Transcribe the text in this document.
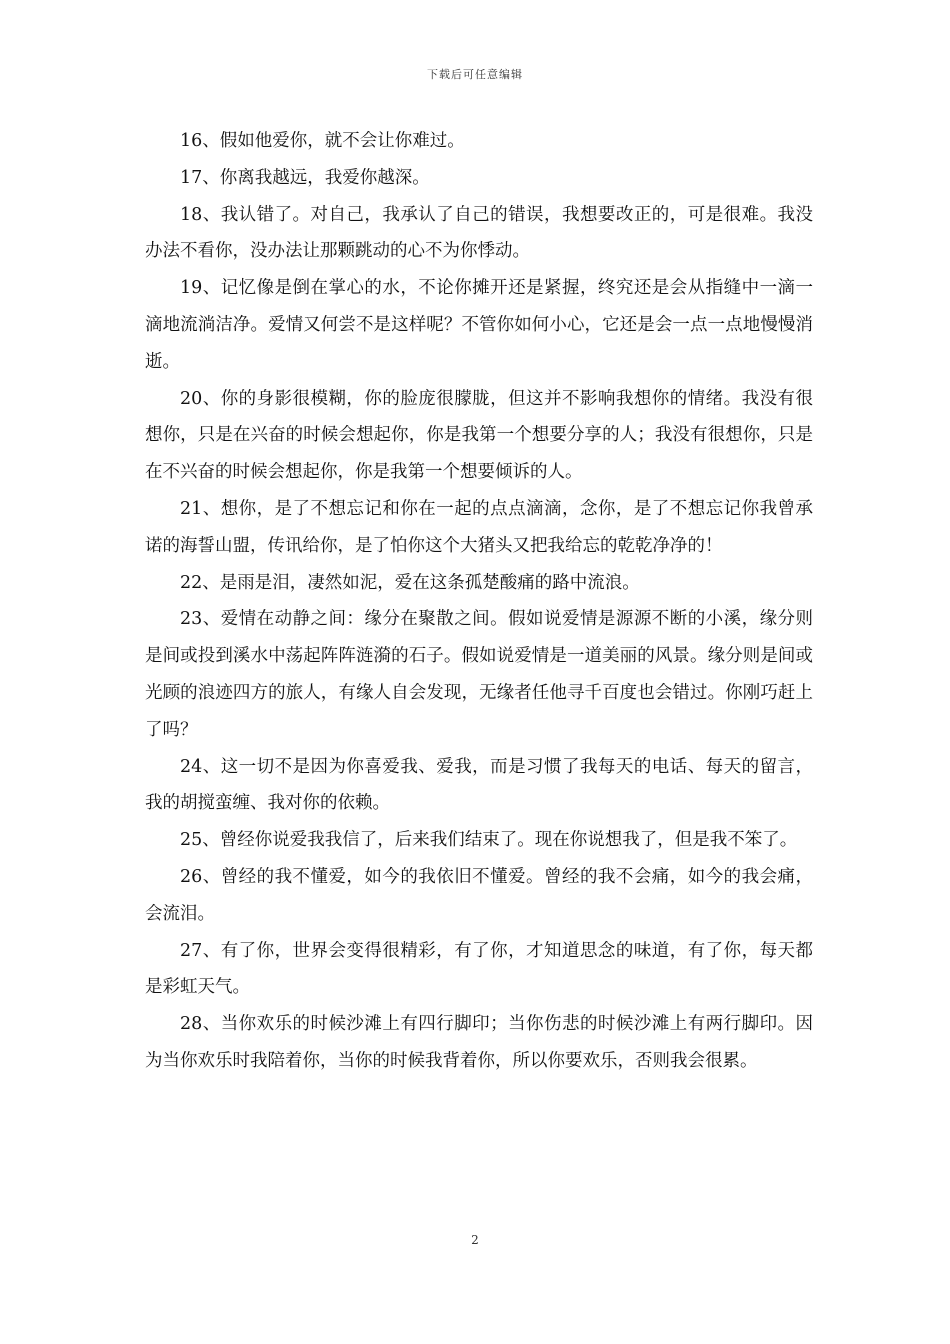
下载后可任意编辑

16、假如他爱你，就不会让你难过。

17、你离我越远，我爱你越深。

18、我认错了。对自己，我承认了自己的错误，我想要改正的，可是很难。我没办法不看你，没办法让那颗跳动的心不为你悸动。

19、记忆像是倒在掌心的水，不论你摊开还是紧握，终究还是会从指缝中一滴一滴地流淌洁净。爱情又何尝不是这样呢？不管你如何小心，它还是会一点一点地慢慢消逝。

20、你的身影很模糊，你的脸庞很朦胧，但这并不影响我想你的情绪。我没有很想你，只是在兴奋的时候会想起你，你是我第一个想要分享的人；我没有很想你，只是在不兴奋的时候会想起你，你是我第一个想要倾诉的人。

21、想你，是了不想忘记和你在一起的点点滴滴，念你，是了不想忘记你我曾承诺的海誓山盟，传讯给你，是了怕你这个大猪头又把我给忘的乾乾净净的！

22、是雨是泪，凄然如泥，爱在这条孤楚酸痛的路中流浪。

23、爱情在动静之间：缘分在聚散之间。假如说爱情是源源不断的小溪，缘分则是间或投到溪水中荡起阵阵涟漪的石子。假如说爱情是一道美丽的风景。缘分则是间或光顾的浪迹四方的旅人，有缘人自会发现，无缘者任他寻千百度也会错过。你刚巧赶上了吗？

24、这一切不是因为你喜爱我、爱我，而是习惯了我每天的电话、每天的留言，我的胡搅蛮缠、我对你的依赖。

25、曾经你说爱我我信了，后来我们结束了。现在你说想我了，但是我不笨了。

26、曾经的我不懂爱，如今的我依旧不懂爱。曾经的我不会痛，如今的我会痛，会流泪。

27、有了你，世界会变得很精彩，有了你，才知道思念的味道，有了你，每天都是彩虹天气。

28、当你欢乐的时候沙滩上有四行脚印；当你伤悲的时候沙滩上有两行脚印。因为当你欢乐时我陪着你，当你的时候我背着你，所以你要欢乐，否则我会很累。

2
